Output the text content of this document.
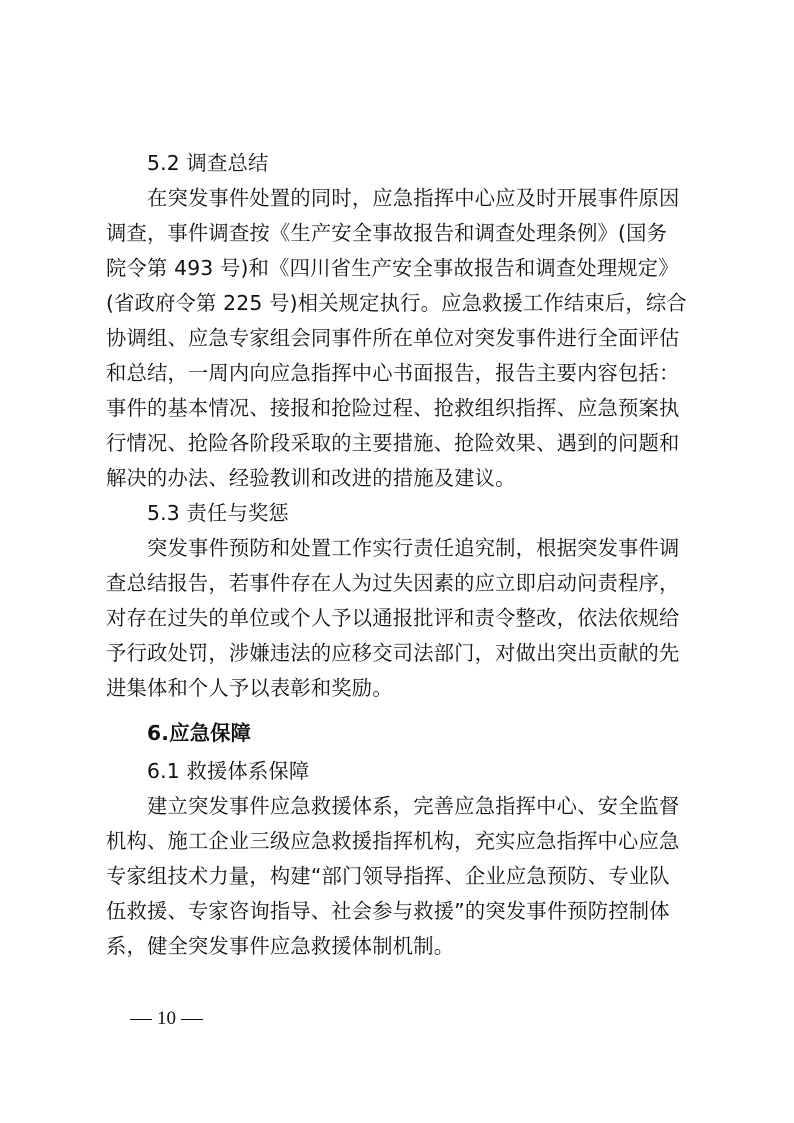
5.2 调查总结
在突发事件处置的同时，应急指挥中心应及时开展事件原因
调查，事件调查按《生产安全事故报告和调查处理条例》(国务
院令第 493 号)和《四川省生产安全事故报告和调查处理规定》
(省政府令第 225 号)相关规定执行。应急救援工作结束后，综合
协调组、应急专家组会同事件所在单位对突发事件进行全面评估
和总结，一周内向应急指挥中心书面报告，报告主要内容包括：
事件的基本情况、接报和抢险过程、抢救组织指挥、应急预案执
行情况、抢险各阶段采取的主要措施、抢险效果、遇到的问题和
解决的办法、经验教训和改进的措施及建议。
5.3 责任与奖惩
突发事件预防和处置工作实行责任追究制，根据突发事件调
查总结报告，若事件存在人为过失因素的应立即启动问责程序，
对存在过失的单位或个人予以通报批评和责令整改，依法依规给
予行政处罚，涉嫌违法的应移交司法部门，对做出突出贡献的先
进集体和个人予以表彰和奖励。
6.应急保障
6.1 救援体系保障
建立突发事件应急救援体系，完善应急指挥中心、安全监督
机构、施工企业三级应急救援指挥机构，充实应急指挥中心应急
专家组技术力量，构建“部门领导指挥、企业应急预防、专业队
伍救援、专家咨询指导、社会参与救援”的突发事件预防控制体
系，健全突发事件应急救援体制机制。
10
